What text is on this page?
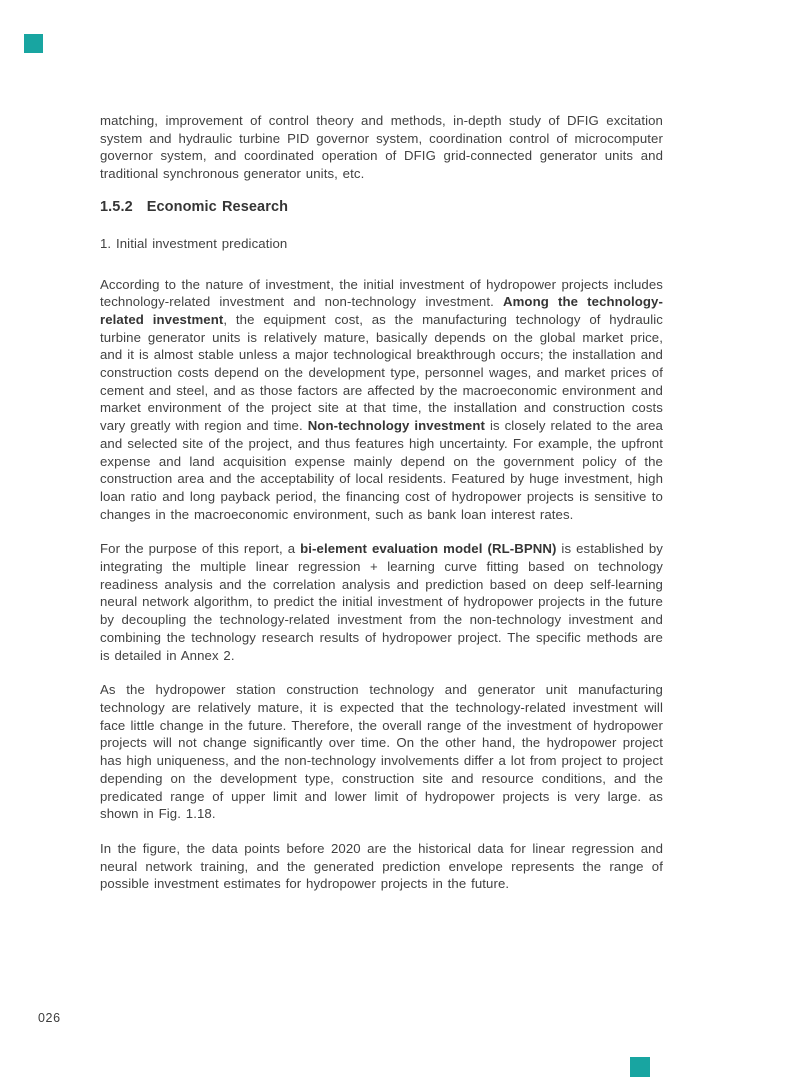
matching, improvement of control theory and methods, in-depth study of DFIG excitation system and hydraulic turbine PID governor system, coordination control of microcomputer governor system, and coordinated operation of DFIG grid-connected generator units and traditional synchronous generator units, etc.

1.5.2 Economic Research

1. Initial investment predication

According to the nature of investment, the initial investment of hydropower projects includes technology-related investment and non-technology investment. Among the technology-related investment, the equipment cost, as the manufacturing technology of hydraulic turbine generator units is relatively mature, basically depends on the global market price, and it is almost stable unless a major technological breakthrough occurs; the installation and construction costs depend on the development type, personnel wages, and market prices of cement and steel, and as those factors are affected by the macroeconomic environment and market environment of the project site at that time, the installation and construction costs vary greatly with region and time. Non-technology investment is closely related to the area and selected site of the project, and thus features high uncertainty. For example, the upfront expense and land acquisition expense mainly depend on the government policy of the construction area and the acceptability of local residents. Featured by huge investment, high loan ratio and long payback period, the financing cost of hydropower projects is sensitive to changes in the macroeconomic environment, such as bank loan interest rates.

For the purpose of this report, a bi-element evaluation model (RL-BPNN) is established by integrating the multiple linear regression + learning curve fitting based on technology readiness analysis and the correlation analysis and prediction based on deep self-learning neural network algorithm, to predict the initial investment of hydropower projects in the future by decoupling the technology-related investment from the non-technology investment and combining the technology research results of hydropower project. The specific methods are is detailed in Annex 2.

As the hydropower station construction technology and generator unit manufacturing technology are relatively mature, it is expected that the technology-related investment will face little change in the future. Therefore, the overall range of the investment of hydropower projects will not change significantly over time. On the other hand, the hydropower project has high uniqueness, and the non-technology involvements differ a lot from project to project depending on the development type, construction site and resource conditions, and the predicated range of upper limit and lower limit of hydropower projects is very large. as shown in Fig. 1.18.

In the figure, the data points before 2020 are the historical data for linear regression and neural network training, and the generated prediction envelope represents the range of possible investment estimates for hydropower projects in the future.

026
